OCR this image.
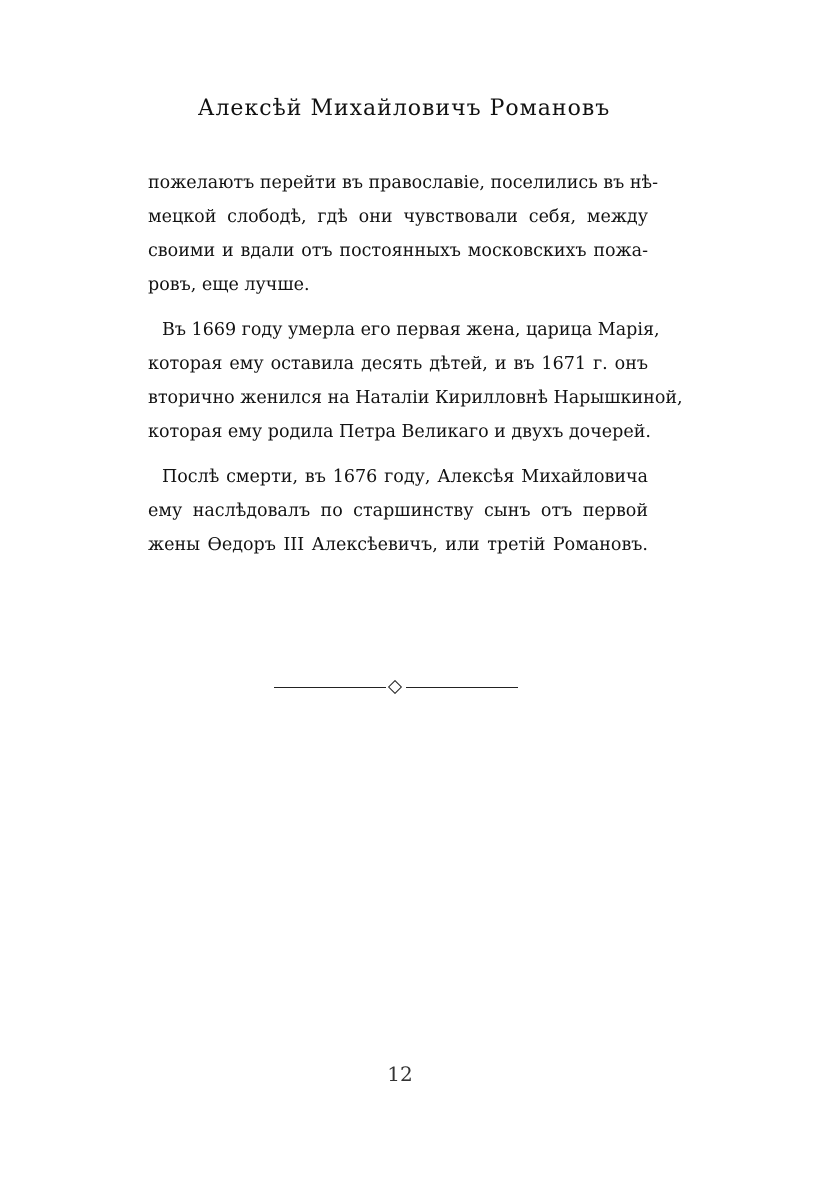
Алексѣй Михайловичъ Романовъ
пожелаютъ перейти въ православіе, поселились въ нѣ-
мецкой слободѣ, гдѣ они чувствовали себя, между
своими и вдали отъ постоянныхъ московскихъ пожа-
ровъ, еще лучше.
Въ 1669 году умерла его первая жена, царица Марія,
которая ему оставила десять дѣтей, и въ 1671 г. онъ
вторично женился на Наталіи Кирилловнѣ Нарышкиной,
которая ему родила Петра Великаго и двухъ дочерей.
Послѣ смерти, въ 1676 году, Алексѣя Михайловича
ему наслѣдовалъ по старшинству сынъ отъ первой
жены Ѳедоръ III Алексѣевичъ, или третій Романовъ.
12
